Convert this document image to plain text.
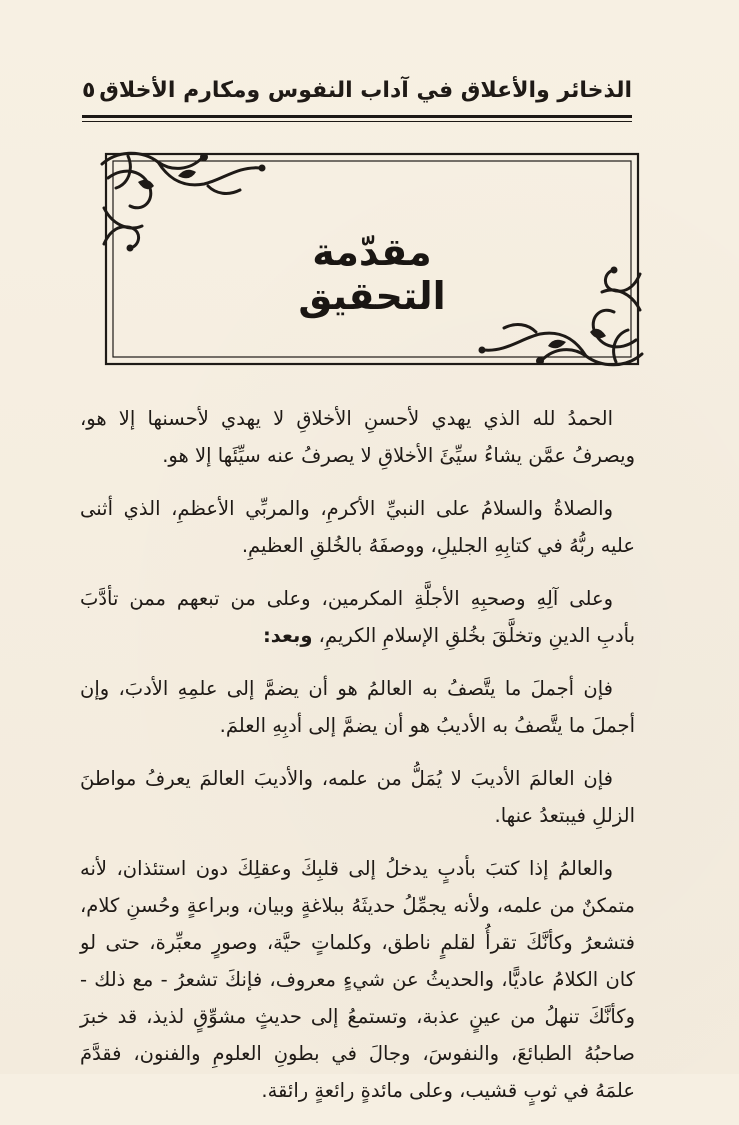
الذخائر والأعلاق في آداب النفوس ومكارم الأخلاق
٥
مقدّمة التحقيق

الحمدُ لله الذي يهدي لأحسنِ الأخلاقِ لا يهدي لأحسنها إلا هو، ويصرفُ عمَّن يشاءُ سيِّئَ الأخلاقِ لا يصرفُ عنه سيِّئَها إلا هو.

والصلاةُ والسلامُ على النبيِّ الأكرمِ، والمربِّي الأعظمِ، الذي أثنى عليه ربُّهُ في كتابِهِ الجليلِ، ووصفَهُ بالخُلقِ العظيمِ.

وعلى آلِهِ وصحبِهِ الأجلَّةِ المكرمين، وعلى من تبعهم ممن تأدَّبَ بأدبِ الدينِ وتخلَّقَ بخُلقِ الإسلامِ الكريمِ، وبعد:

فإن أجملَ ما يتَّصفُ به العالمُ هو أن يضمَّ إلى علمِهِ الأدبَ، وإن أجملَ ما يتَّصفُ به الأديبُ هو أن يضمَّ إلى أدبِهِ العلمَ.

فإن العالمَ الأديبَ لا يُمَلُّ من علمه، والأديبَ العالمَ يعرفُ مواطنَ الزللِ فيبتعدُ عنها.

والعالمُ إذا كتبَ بأدبٍ يدخلُ إلى قلبِكَ وعقلِكَ دون استئذان، لأنه متمكنٌ من علمه، ولأنه يجمِّلُ حديثَهُ ببلاغةٍ وبيان، وبراعةٍ وحُسنِ كلام، فتشعرُ وكأنَّكَ تقرأُ لقلمٍ ناطق، وكلماتٍ حيَّة، وصورٍ معبِّرة، حتى لو كان الكلامُ عاديًّا، والحديثُ عن شيءٍ معروف، فإنكَ تشعرُ - مع ذلك - وكأنَّكَ تنهلُ من عينٍ عذبة، وتستمعُ إلى حديثٍ مشوِّقٍ لذيذ، قد خبرَ صاحبُهُ الطبائعَ، والنفوسَ، وجالَ في بطونِ العلومِ والفنون، فقدَّمَ علمَهُ في ثوبٍ قشيب، وعلى مائدةٍ رائعةٍ رائقة.
